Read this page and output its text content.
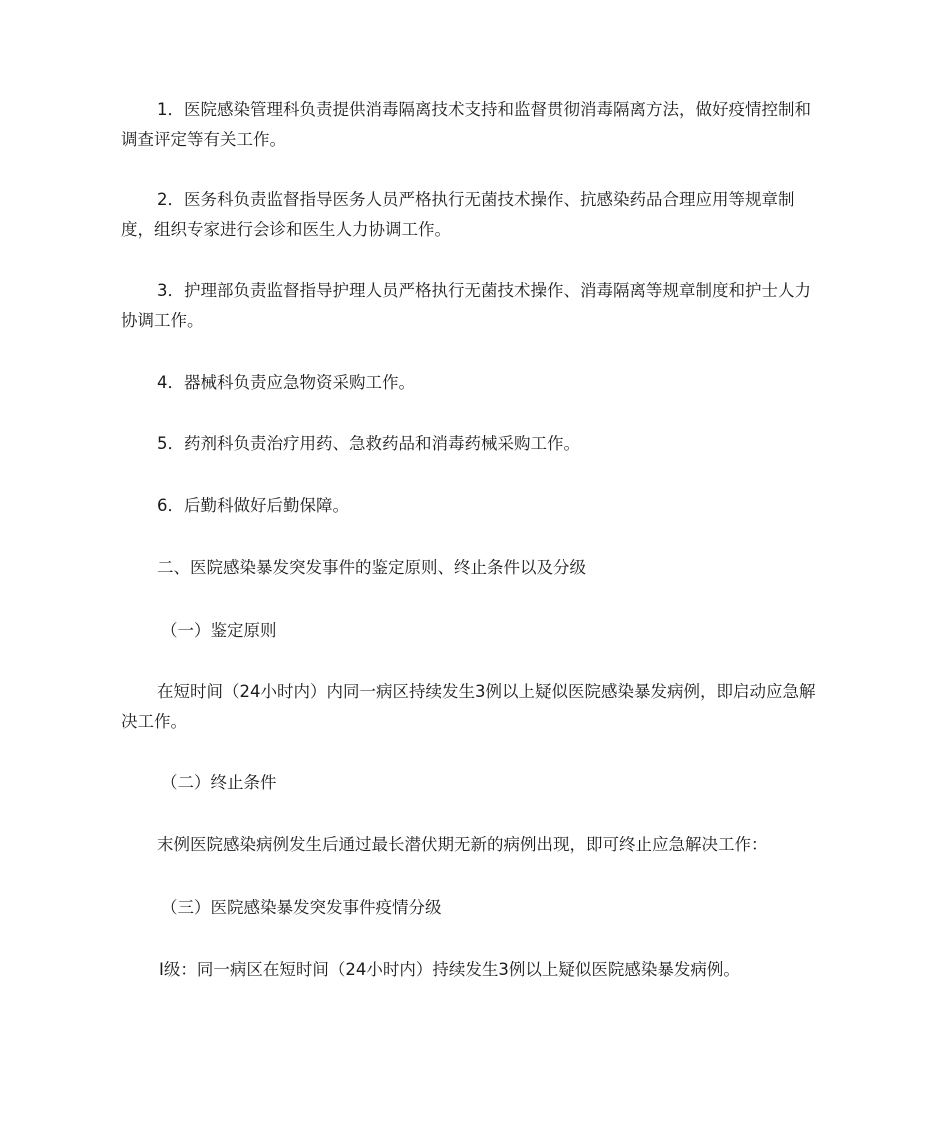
1．医院感染管理科负责提供消毒隔离技术支持和监督贯彻消毒隔离方法，做好疫情控制和调查评定等有关工作。

2．医务科负责监督指导医务人员严格执行无菌技术操作、抗感染药品合理应用等规章制度，组织专家进行会诊和医生人力协调工作。

3．护理部负责监督指导护理人员严格执行无菌技术操作、消毒隔离等规章制度和护士人力协调工作。

4．器械科负责应急物资采购工作。

5．药剂科负责治疗用药、急救药品和消毒药械采购工作。

6．后勤科做好后勤保障。

二、医院感染暴发突发事件的鉴定原则、终止条件以及分级

（一）鉴定原则

在短时间（24小时内）内同一病区持续发生3例以上疑似医院感染暴发病例，即启动应急解决工作。

（二）终止条件

末例医院感染病例发生后通过最长潜伏期无新的病例出现，即可终止应急解决工作：

（三）医院感染暴发突发事件疫情分级

Ⅰ级：同一病区在短时间（24小时内）持续发生3例以上疑似医院感染暴发病例。
